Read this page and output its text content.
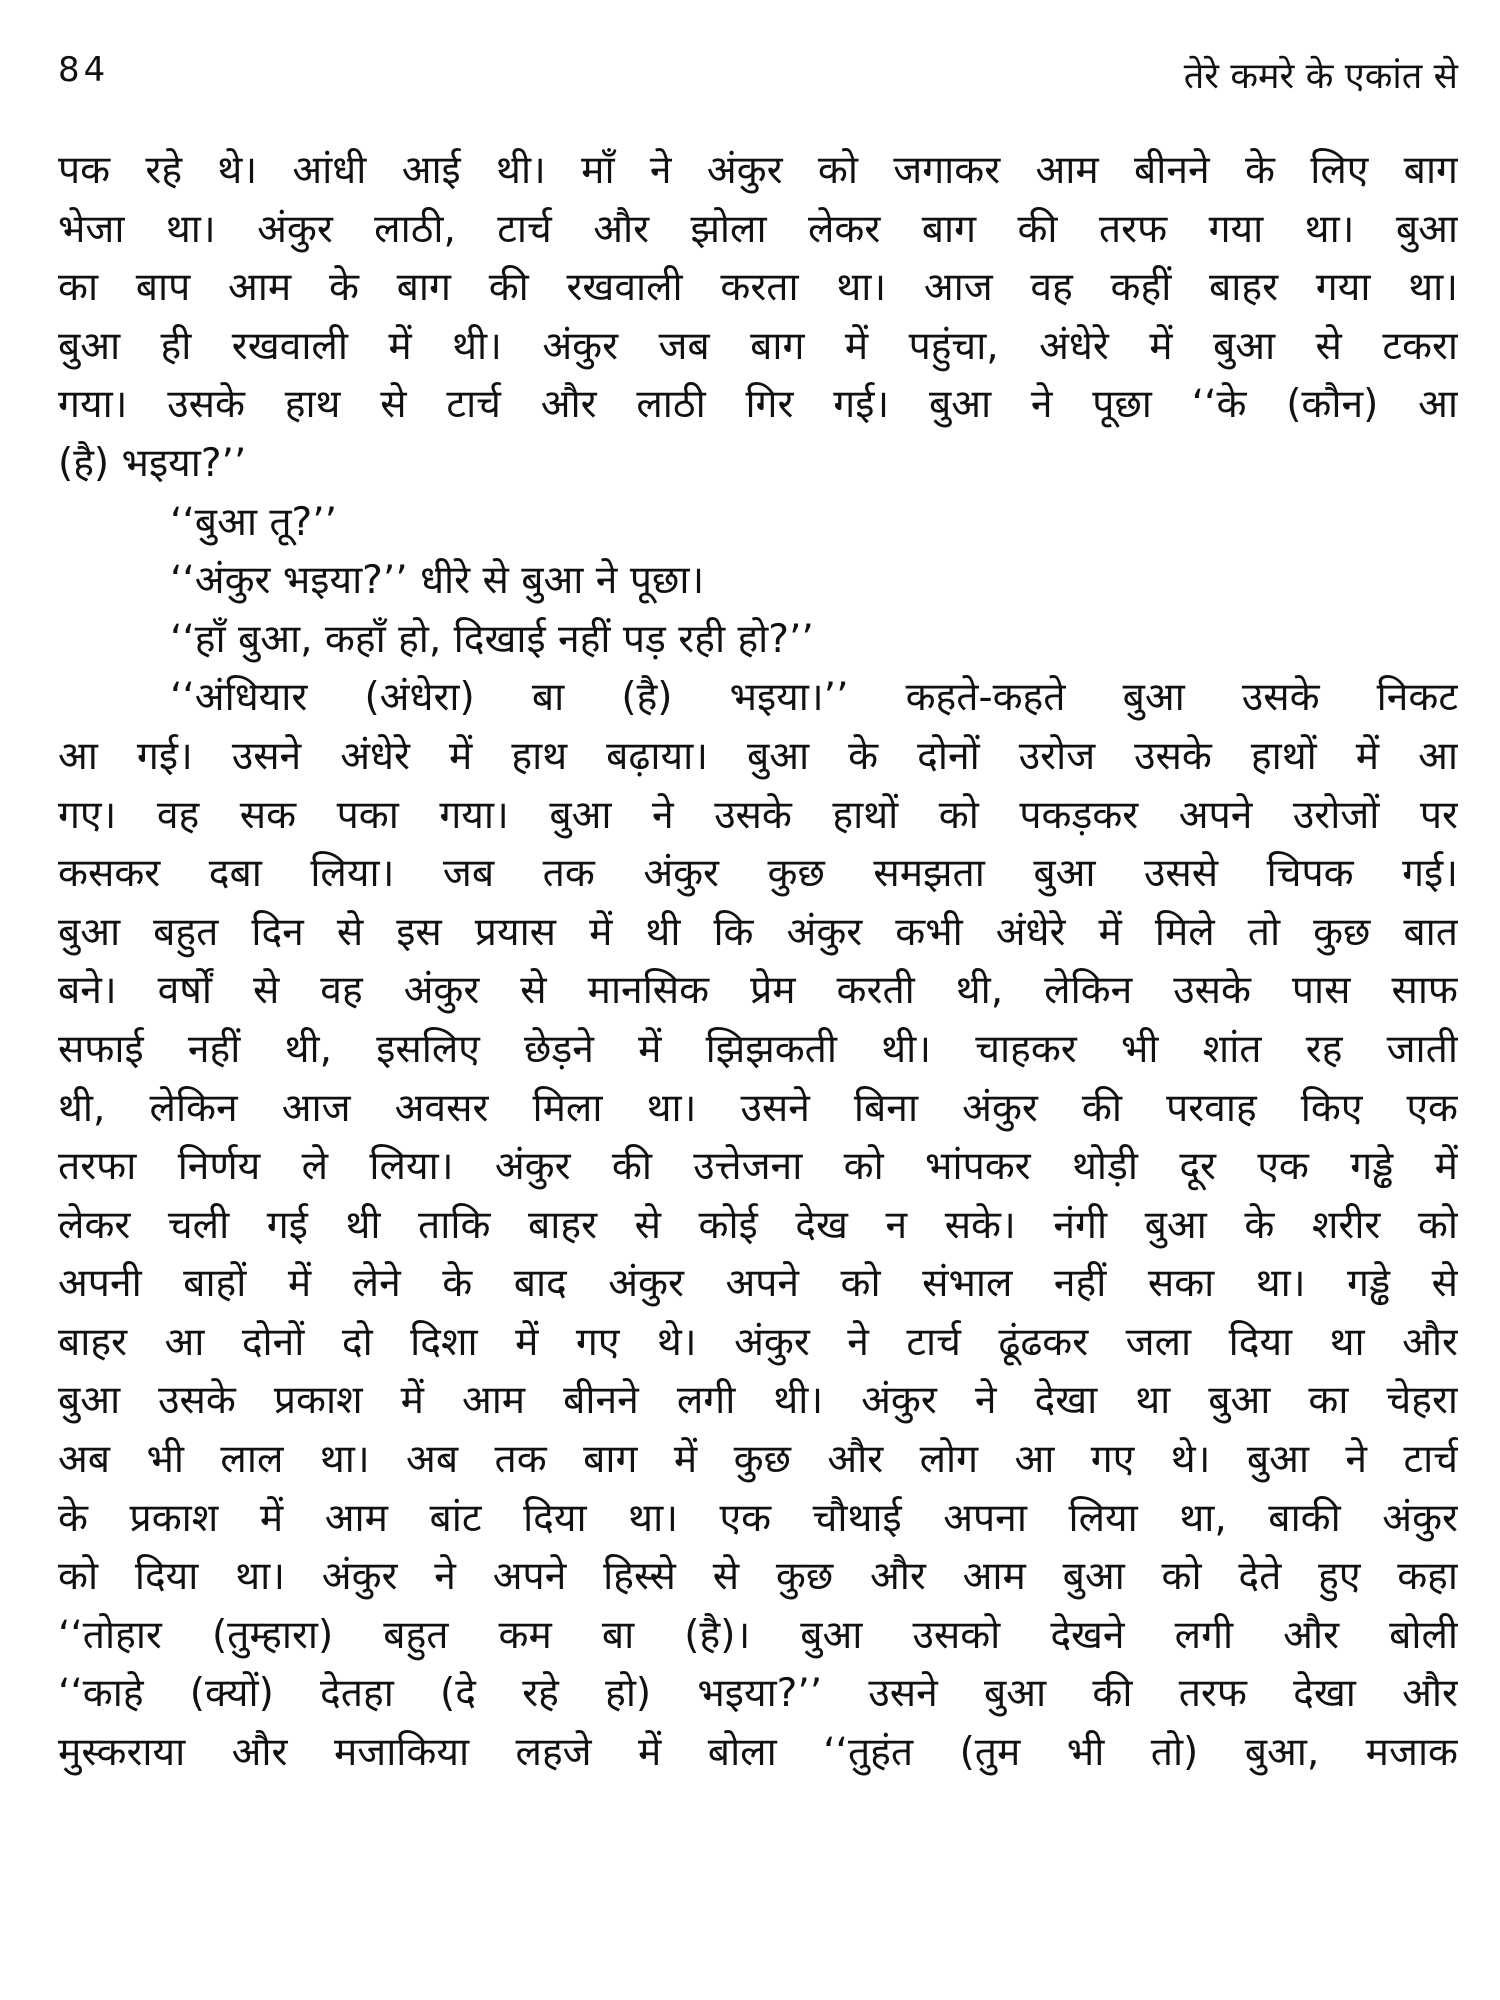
84	तेरे कमरे के एकांत से
पक रहे थे। आंधी आई थी। माँ ने अंकुर को जगाकर आम बीनने के लिए बाग
भेजा था। अंकुर लाठी, टार्च और झोला लेकर बाग की तरफ गया था। बुआ
का बाप आम के बाग की रखवाली करता था। आज वह कहीं बाहर गया था।
बुआ ही रखवाली में थी। अंकुर जब बाग में पहुंचा, अंधेरे में बुआ से टकरा
गया। उसके हाथ से टार्च और लाठी गिर गई। बुआ ने पूछा ‘‘के (कौन) आ
(है) भइया?’’
‘‘बुआ तू?’’
‘‘अंकुर भइया?’’ धीरे से बुआ ने पूछा।
‘‘हाँ बुआ, कहाँ हो, दिखाई नहीं पड़ रही हो?’’
‘‘अंधियार (अंधेरा) बा (है) भइया।’’ कहते-कहते बुआ उसके निकट
आ गई। उसने अंधेरे में हाथ बढ़ाया। बुआ के दोनों उरोज उसके हाथों में आ
गए। वह सक पका गया। बुआ ने उसके हाथों को पकड़कर अपने उरोजों पर
कसकर दबा लिया। जब तक अंकुर कुछ समझता बुआ उससे चिपक गई।
बुआ बहुत दिन से इस प्रयास में थी कि अंकुर कभी अंधेरे में मिले तो कुछ बात
बने। वर्षों से वह अंकुर से मानसिक प्रेम करती थी, लेकिन उसके पास साफ
सफाई नहीं थी, इसलिए छेड़ने में झिझकती थी। चाहकर भी शांत रह जाती
थी, लेकिन आज अवसर मिला था। उसने बिना अंकुर की परवाह किए एक
तरफा निर्णय ले लिया। अंकुर की उत्तेजना को भांपकर थोड़ी दूर एक गड्ढे में
लेकर चली गई थी ताकि बाहर से कोई देख न सके। नंगी बुआ के शरीर को
अपनी बाहों में लेने के बाद अंकुर अपने को संभाल नहीं सका था। गड्ढे से
बाहर आ दोनों दो दिशा में गए थे। अंकुर ने टार्च ढूंढकर जला दिया था और
बुआ उसके प्रकाश में आम बीनने लगी थी। अंकुर ने देखा था बुआ का चेहरा
अब भी लाल था। अब तक बाग में कुछ और लोग आ गए थे। बुआ ने टार्च
के प्रकाश में आम बांट दिया था। एक चौथाई अपना लिया था, बाकी अंकुर
को दिया था। अंकुर ने अपने हिस्से से कुछ और आम बुआ को देते हुए कहा
‘‘तोहार (तुम्हारा) बहुत कम बा (है)। बुआ उसको देखने लगी और बोली
‘‘काहे (क्यों) देतहा (दे रहे हो) भइया?’’ उसने बुआ की तरफ देखा और
मुस्कराया और मजाकिया लहजे में बोला ‘‘तुहंत (तुम भी तो) बुआ, मजाक
